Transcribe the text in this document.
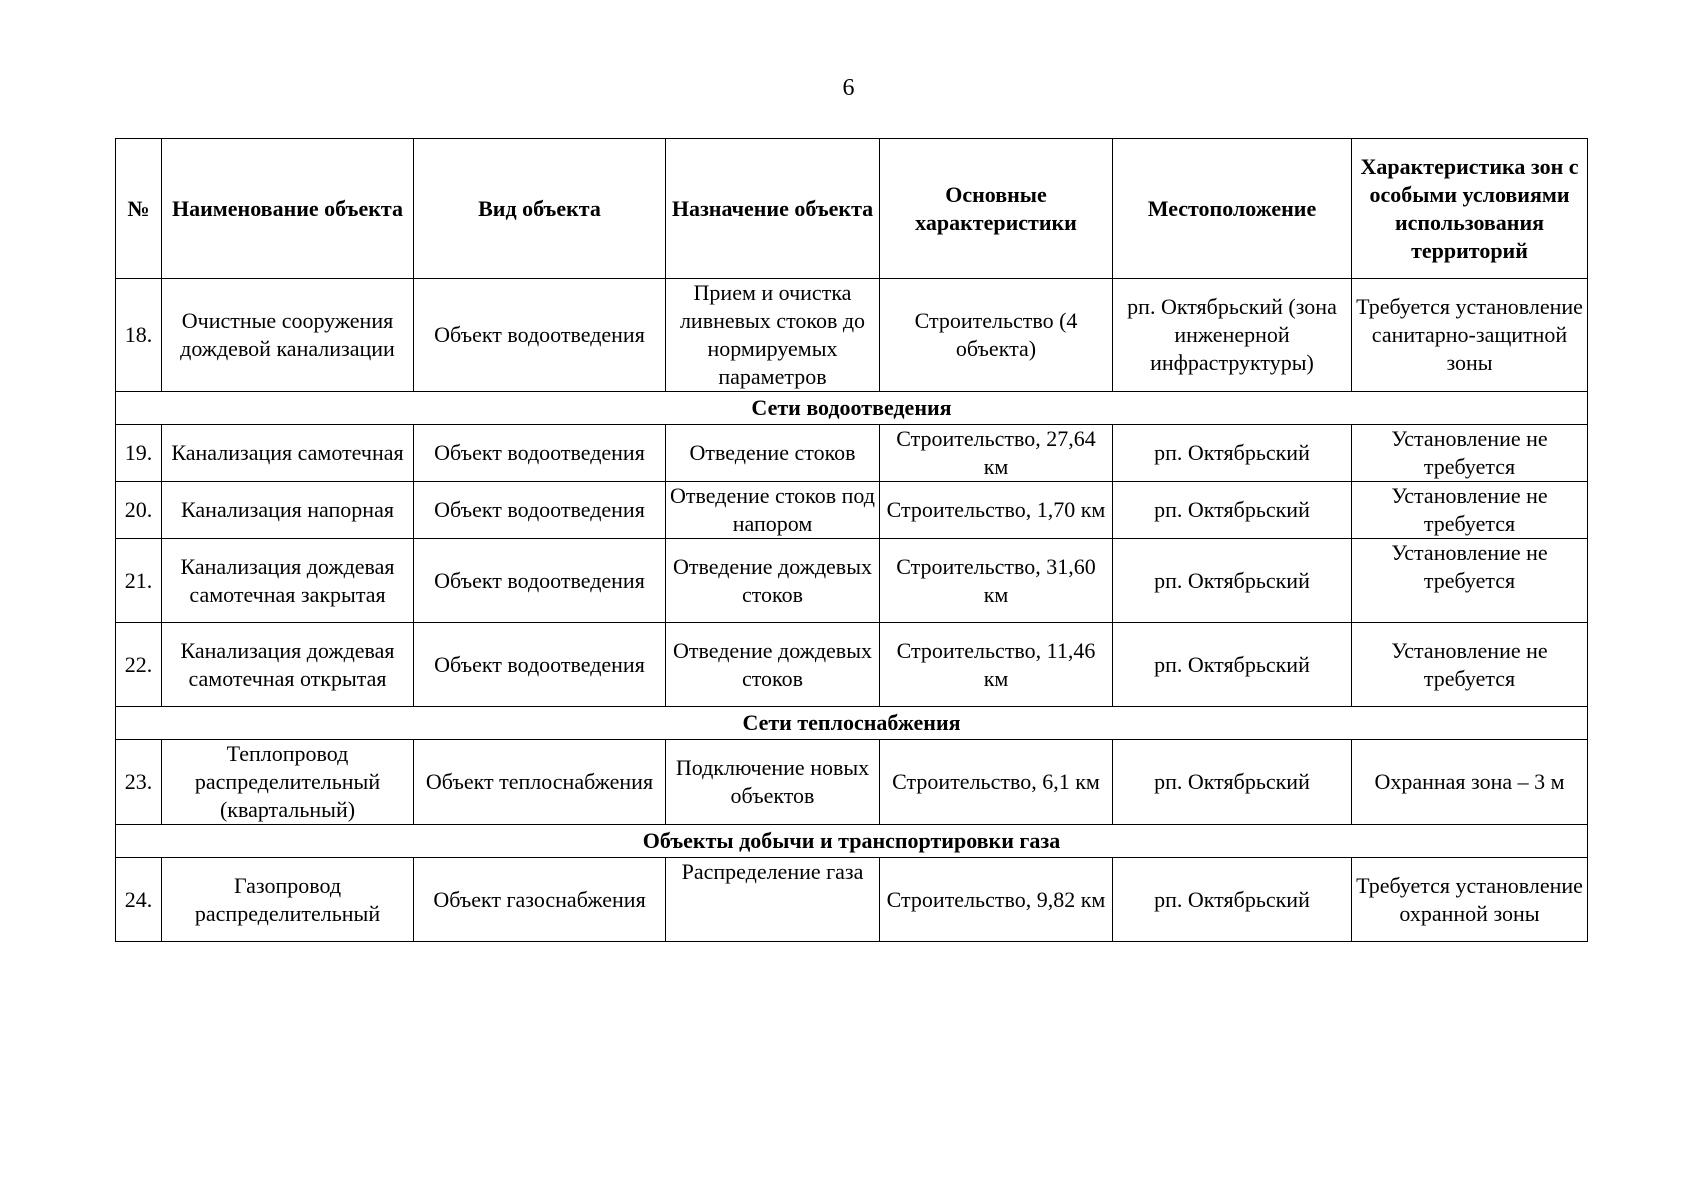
6
№	Наименование объекта	Вид объекта	Назначение объекта	Основные характеристики	Местоположение	Характеристика зон с особыми условиями использования территорий
18.	Очистные сооружения дождевой канализации	Объект водоотведения	Прием и очистка ливневых стоков до нормируемых параметров	Строительство (4 объекта)	рп. Октябрьский (зона инженерной инфраструктуры)	Требуется установление санитарно-защитной зоны
Сети водоотведения						
19.	Канализация самотечная	Объект водоотведения	Отведение стоков	Строительство, 27,64 км	рп. Октябрьский	Установление не требуется
20.	Канализация напорная	Объект водоотведения	Отведение стоков под напором	Строительство, 1,70 км	рп. Октябрьский	Установление не требуется
21.	Канализация дождевая самотечная закрытая	Объект водоотведения	Отведение дождевых стоков	Строительство, 31,60 км	рп. Октябрьский	Установление не требуется
22.	Канализация дождевая самотечная открытая	Объект водоотведения	Отведение дождевых стоков	Строительство, 11,46 км	рп. Октябрьский	Установление не требуется
Сети теплоснабжения						
23.	Теплопровод распределительный (квартальный)	Объект теплоснабжения	Подключение новых объектов	Строительство, 6,1 км	рп. Октябрьский	Охранная зона – 3 м
Объекты добычи и транспортировки газа						
24.	Газопровод распределительный	Объект газоснабжения	Распределение газа	Строительство, 9,82 км	рп. Октябрьский	Требуется установление охранной зоны
